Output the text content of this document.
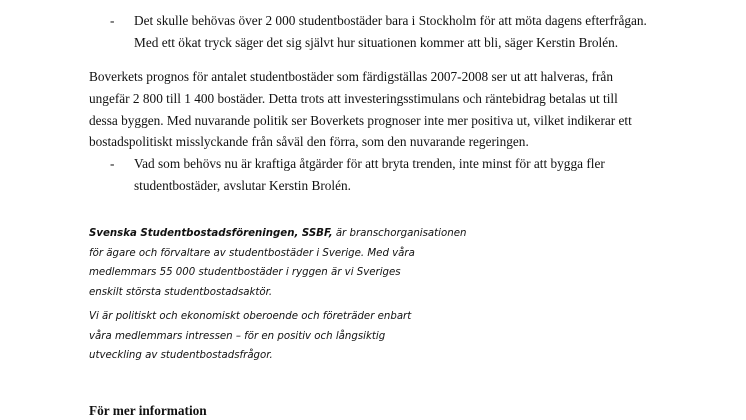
-	Det skulle behövas över 2 000 studentbostäder bara i Stockholm för att möta dagens efterfrågan.
Med ett ökat tryck säger det sig självt hur situationen kommer att bli, säger Kerstin Brolén.
Boverkets prognos för antalet studentbostäder som färdigställas 2007-2008 ser ut att halveras, från
ungefär 2 800 till 1 400 bostäder. Detta trots att investeringsstimulans och räntebidrag betalas ut till
dessa byggen. Med nuvarande politik ser Boverkets prognoser inte mer positiva ut, vilket indikerar ett
bostadspolitiskt misslyckande från såväl den förra, som den nuvarande regeringen.
-	Vad som behövs nu är kraftiga åtgärder för att bryta trenden, inte minst för att bygga fler
studentbostäder, avslutar Kerstin Brolén.
Svenska Studentbostadsföreningen, SSBF, är branschorganisationen
för ägare och förvaltare av studentbostäder i Sverige. Med våra
medlemmars 55 000 studentbostäder i ryggen är vi Sveriges
enskilt största studentbostadsaktör.
Vi är politiskt och ekonomiskt oberoende och företräder enbart
våra medlemmars intressen – för en positiv och långsiktig
utveckling av studentbostadsfrågor.
För mer information
